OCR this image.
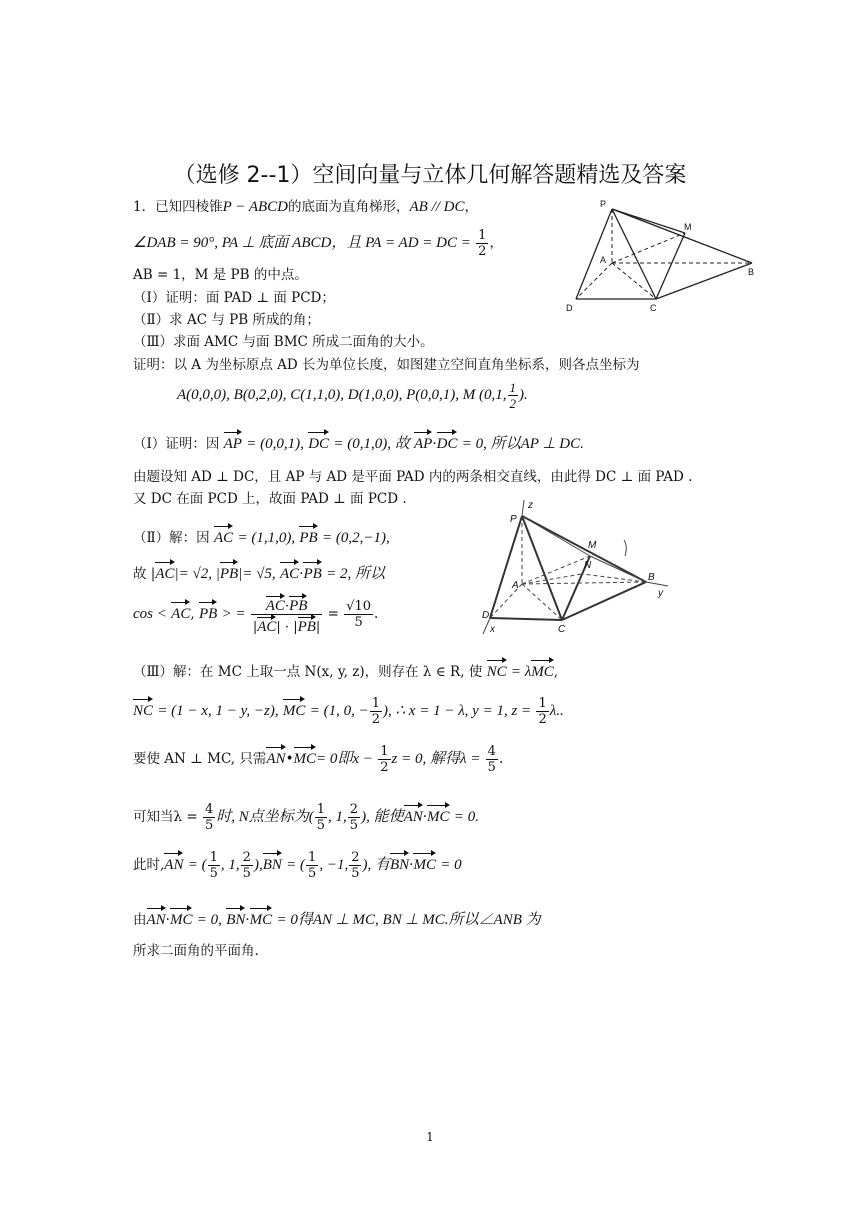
（选修 2--1）空间向量与立体几何解答题精选及答案
P
M
A
B
D	C
P
z
M
N
A
B
y
D
x	C
1．已知四棱锥P − ABCD的底面为直角梯形，AB // DC，
∠DAB = 90°, PA ⊥ 底面 ABCD，且 PA = AD = DC = $\frac{1}{2}$ ，
AB = 1，M 是 PB 的中点。
（Ⅰ）证明：面 PAD ⊥ 面 PCD；
（Ⅱ）求 AC 与 PB 所成的角；
（Ⅲ）求面 AMC 与面 BMC 所成二面角的大小。
证明：以 A 为坐标原点 AD 长为单位长度，如图建立空间直角坐标系，则各点坐标为
A(0,0,0), B(0,2,0), C(1,1,0), D(1,0,0), P(0,0,1), M (0,1, $\frac{1}{2}$ ).
（Ⅰ）证明：因 AP = (0,0,1), DC = (0,1,0), 故 AP·DC = 0, 所以AP ⊥ DC.
由题设知 AD ⊥ DC，且 AP 与 AD 是平面 PAD 内的两条相交直线，由此得 DC ⊥ 面 PAD .
又 DC 在面 PCD 上，故面 PAD ⊥ 面 PCD .
（Ⅱ）解：因 AC = (1,1,0), PB = (0,2,−1),
故 |AC|= √2, |PB|= √5, AC·PB = 2, 所以
cos < AC, PB > = $\frac{AC\cdot PB}{|AC| \cdot |PB|} = \frac{√10}{5}$ .
（Ⅲ）解：在 MC 上取一点 N(x, y, z)，则存在 λ ∈ R, 使 NC = λMC,
NC = (1 − x, 1 − y, −z), MC = (1, 0, − $\frac{1}{2}$ ), ∴ x = 1 − λ, y = 1, $z = \frac{1}{2} \lambda$..
要使 AN ⊥ MC, 只需AN•MC= 0即$x - \frac{1}{2}$ z = 0, 解得$\lambda = \frac{4}{5}$ .
可知当$\lambda = \frac{4}{5}$ 时, N点坐标为( $\frac{1}{5}$ , 1, $\frac{2}{5}$ ), 能使AN·MC = 0.
此时,AN = ( $\frac{1}{5}$ , 1, $\frac{2}{5} ),BN$ = ( $\frac{1}{5}$ , −1, $\frac{2}{5}$ ), 有BN·MC = 0
由AN·MC = 0, BN·MC = 0得AN ⊥ MC, BN ⊥ MC.所以∠ANB 为
所求二面角的平面角.
1
